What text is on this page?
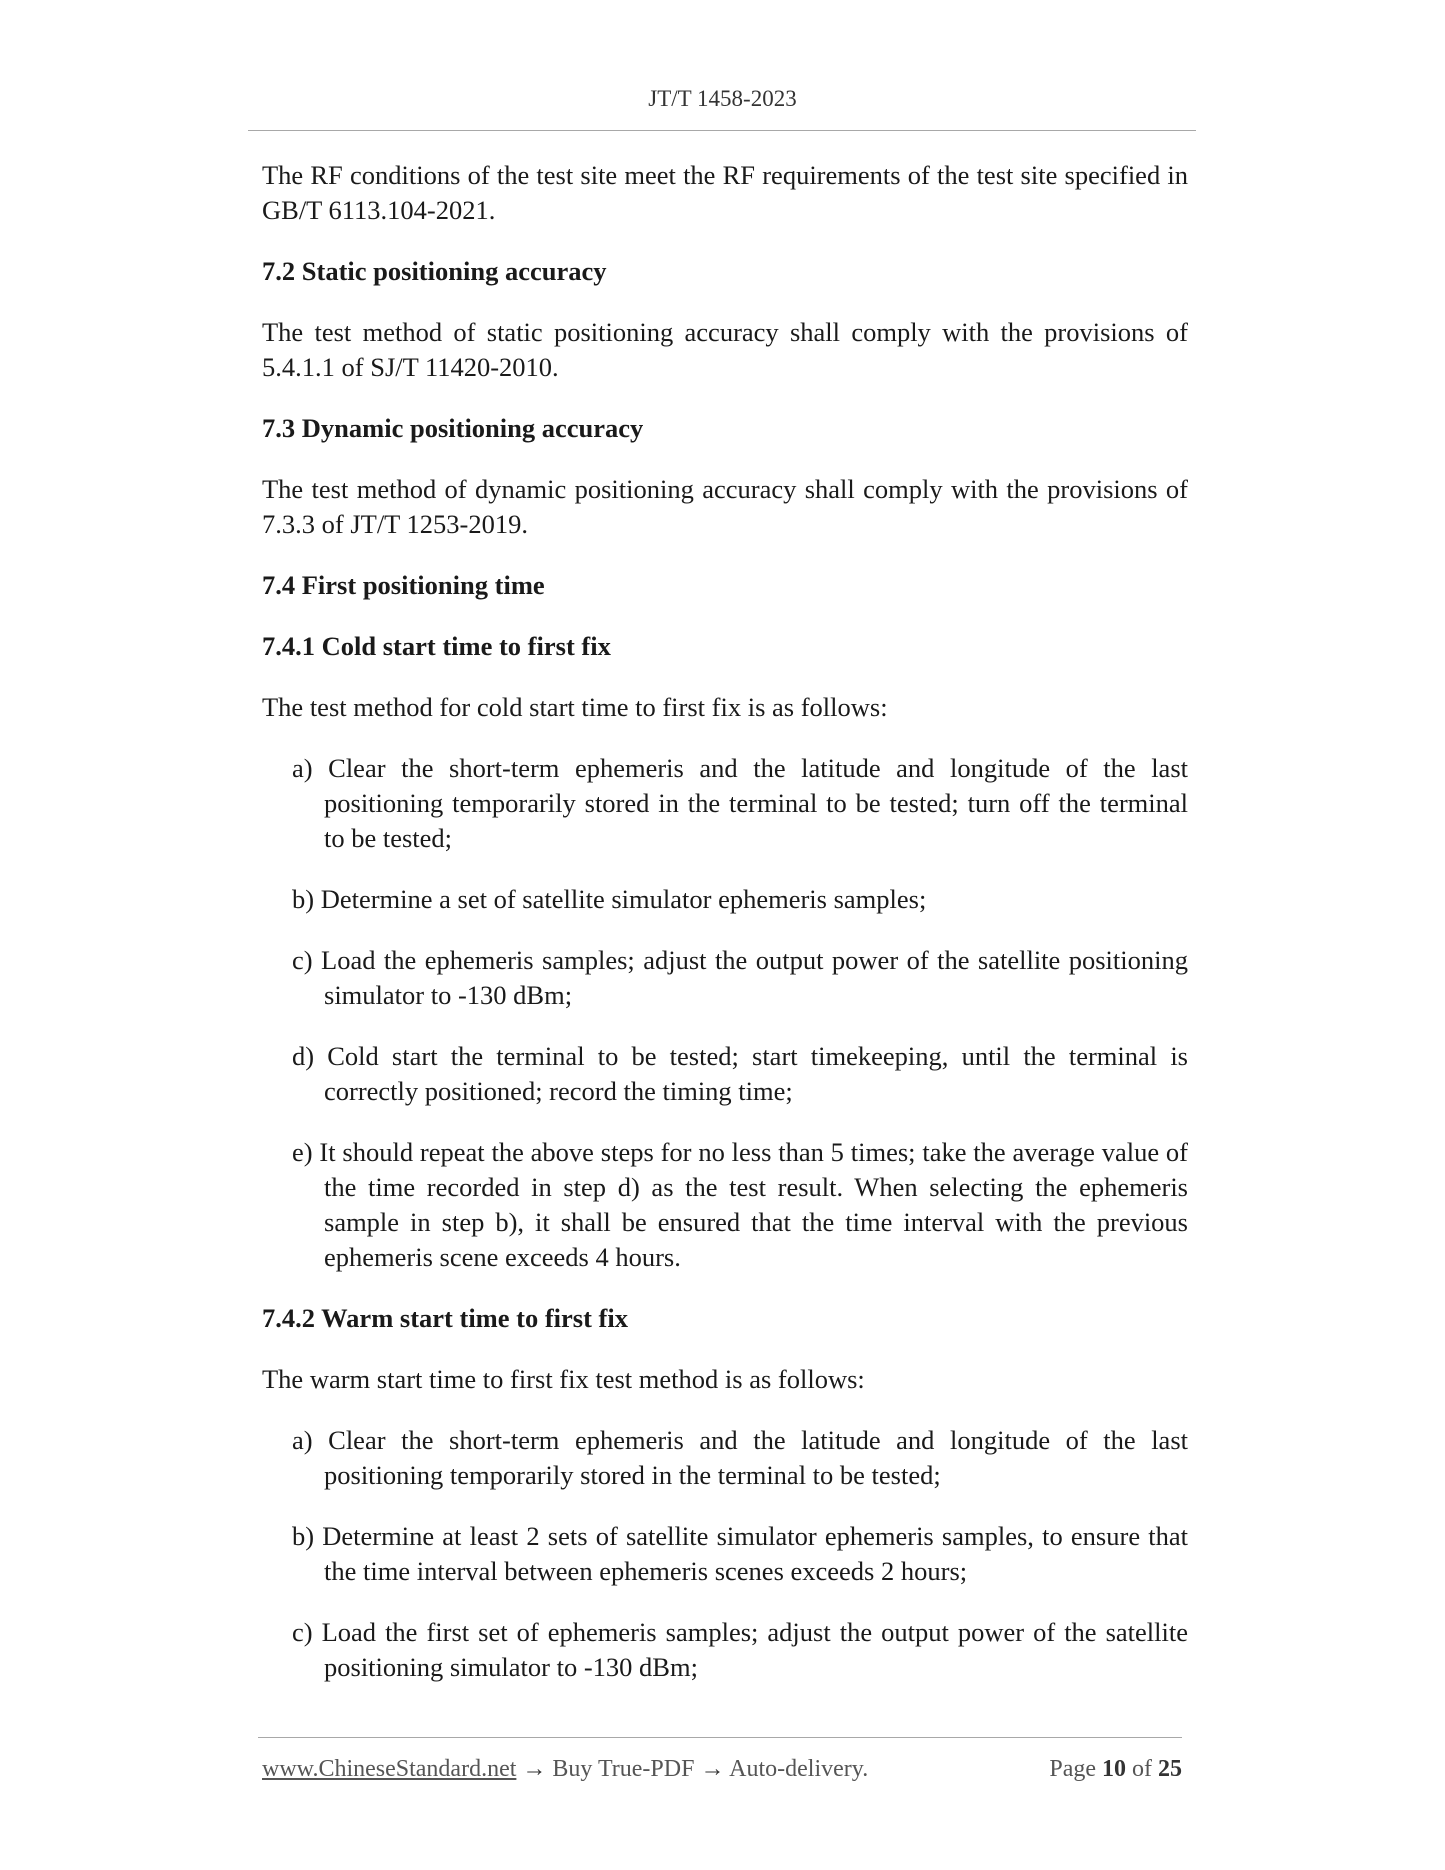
JT/T 1458-2023

The RF conditions of the test site meet the RF requirements of the test site specified in GB/T 6113.104-2021.

7.2 Static positioning accuracy

The test method of static positioning accuracy shall comply with the provisions of 5.4.1.1 of SJ/T 11420-2010.

7.3 Dynamic positioning accuracy

The test method of dynamic positioning accuracy shall comply with the provisions of 7.3.3 of JT/T 1253-2019.

7.4 First positioning time

7.4.1 Cold start time to first fix

The test method for cold start time to first fix is as follows:

a) Clear the short-term ephemeris and the latitude and longitude of the last positioning temporarily stored in the terminal to be tested; turn off the terminal to be tested;

b) Determine a set of satellite simulator ephemeris samples;

c) Load the ephemeris samples; adjust the output power of the satellite positioning simulator to -130 dBm;

d) Cold start the terminal to be tested; start timekeeping, until the terminal is correctly positioned; record the timing time;

e) It should repeat the above steps for no less than 5 times; take the average value of the time recorded in step d) as the test result. When selecting the ephemeris sample in step b), it shall be ensured that the time interval with the previous ephemeris scene exceeds 4 hours.

7.4.2 Warm start time to first fix

The warm start time to first fix test method is as follows:

a) Clear the short-term ephemeris and the latitude and longitude of the last positioning temporarily stored in the terminal to be tested;

b) Determine at least 2 sets of satellite simulator ephemeris samples, to ensure that the time interval between ephemeris scenes exceeds 2 hours;

c) Load the first set of ephemeris samples; adjust the output power of the satellite positioning simulator to -130 dBm;

www.ChineseStandard.net → Buy True-PDF → Auto-delivery.	Page 10 of 25
